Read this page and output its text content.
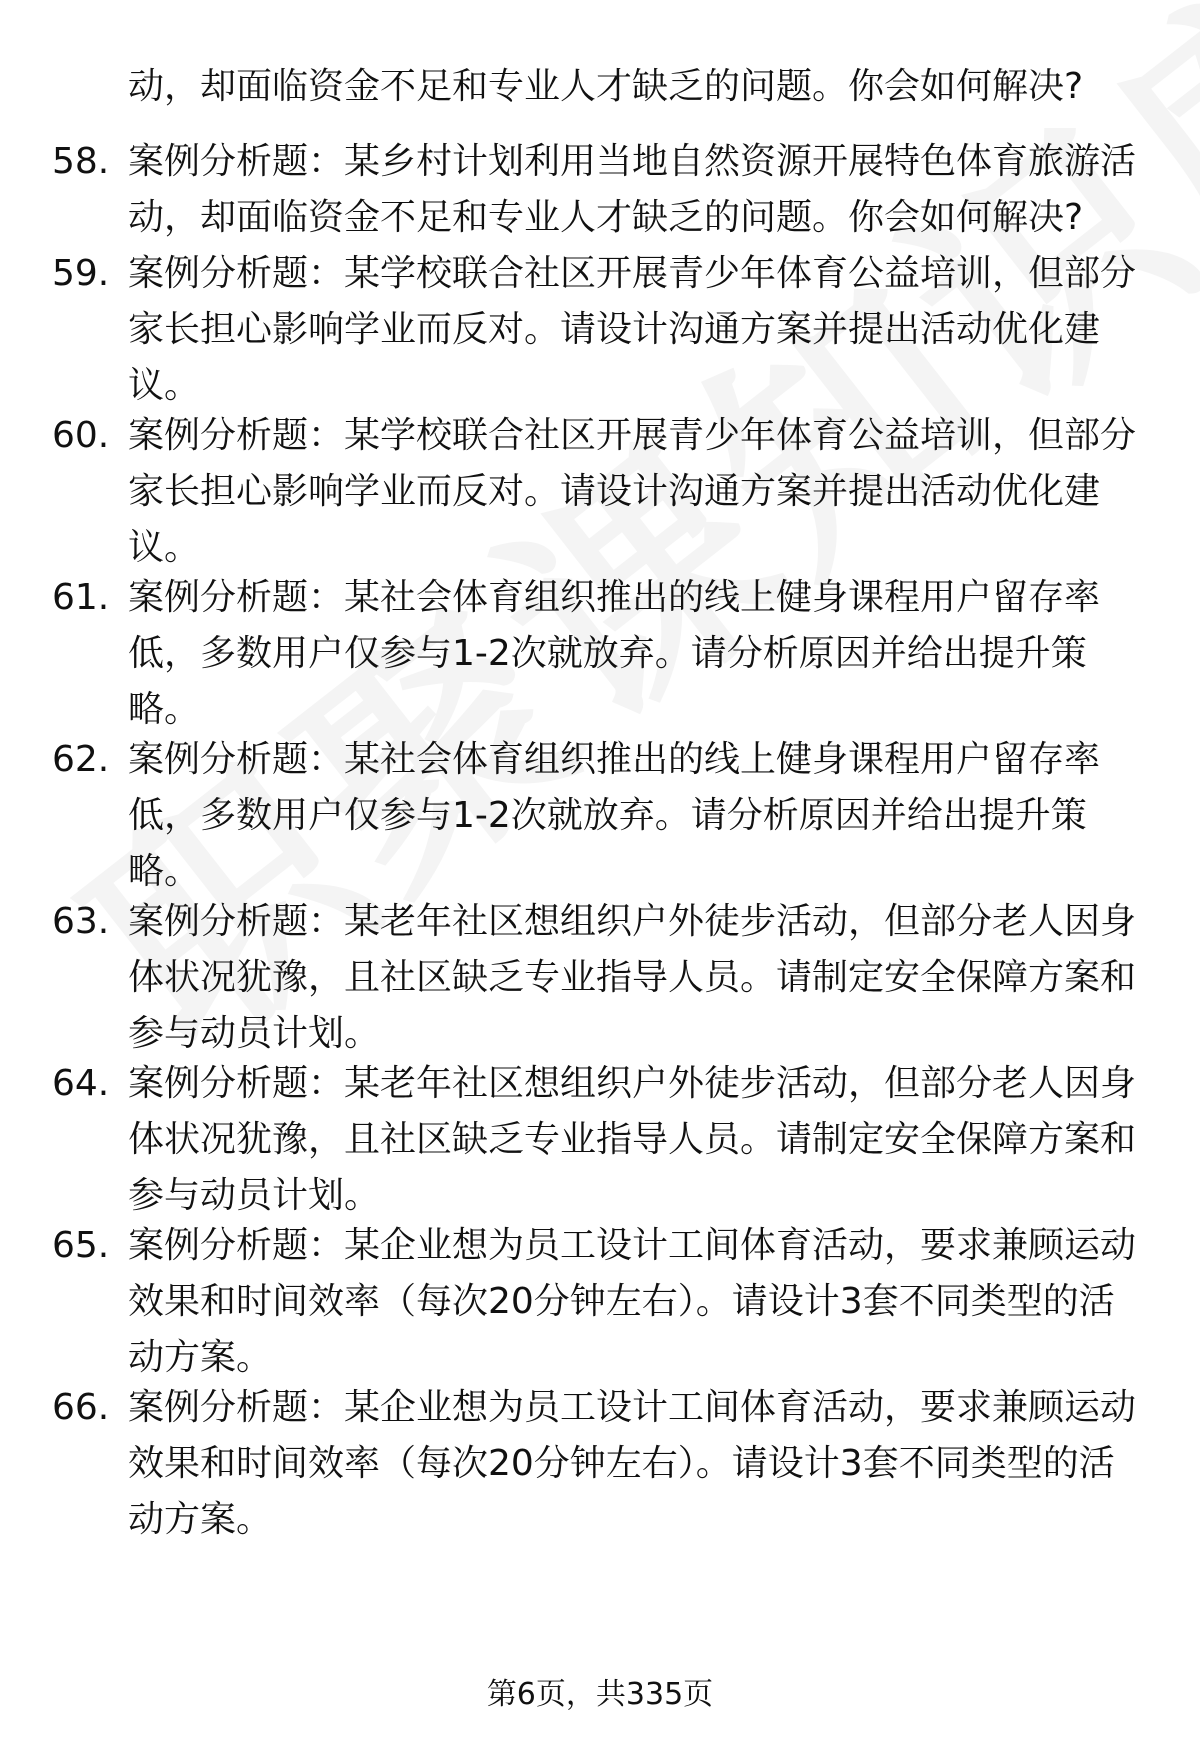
动，却面临资金不足和专业人才缺乏的问题。你会如何解决?
58. 案例分析题：某乡村计划利用当地自然资源开展特色体育旅游活
动，却面临资金不足和专业人才缺乏的问题。你会如何解决?
59. 案例分析题：某学校联合社区开展青少年体育公益培训，但部分
家长担心影响学业而反对。请设计沟通方案并提出活动优化建
议。
60. 案例分析题：某学校联合社区开展青少年体育公益培训，但部分
家长担心影响学业而反对。请设计沟通方案并提出活动优化建
议。
61. 案例分析题：某社会体育组织推出的线上健身课程用户留存率
低，多数用户仅参与1-2次就放弃。请分析原因并给出提升策
略。
62. 案例分析题：某社会体育组织推出的线上健身课程用户留存率
低，多数用户仅参与1-2次就放弃。请分析原因并给出提升策
略。
63. 案例分析题：某老年社区想组织户外徒步活动，但部分老人因身
体状况犹豫，且社区缺乏专业指导人员。请制定安全保障方案和
参与动员计划。
64. 案例分析题：某老年社区想组织户外徒步活动，但部分老人因身
体状况犹豫，且社区缺乏专业指导人员。请制定安全保障方案和
参与动员计划。
65. 案例分析题：某企业想为员工设计工间体育活动，要求兼顾运动
效果和时间效率（每次20分钟左右）。请设计3套不同类型的活
动方案。
66. 案例分析题：某企业想为员工设计工间体育活动，要求兼顾运动
效果和时间效率（每次20分钟左右）。请设计3套不同类型的活
动方案。
第6页，共335页
